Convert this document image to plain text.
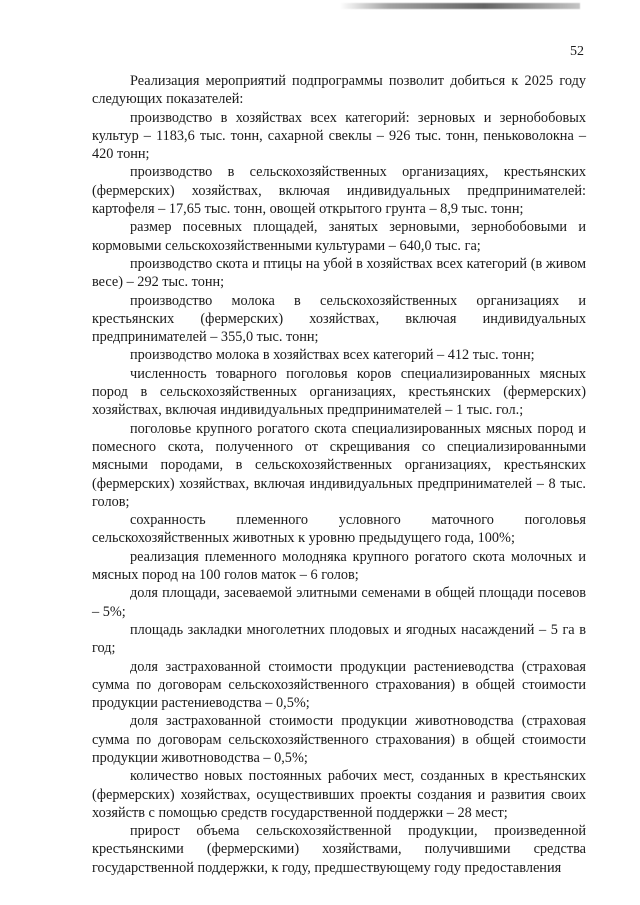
52

Реализация мероприятий подпрограммы позволит добиться к 2025 году следующих показателей:

производство в хозяйствах всех категорий: зерновых и зернобобовых культур – 1183,6 тыс. тонн, сахарной свеклы – 926 тыс. тонн, пеньковолокна – 420 тонн;

производство в сельскохозяйственных организациях, крестьянских (фермерских) хозяйствах, включая индивидуальных предпринимателей: картофеля – 17,65 тыс. тонн, овощей открытого грунта – 8,9 тыс. тонн;

размер посевных площадей, занятых зерновыми, зернобобовыми и кормовыми сельскохозяйственными культурами – 640,0 тыс. га;

производство скота и птицы на убой в хозяйствах всех категорий (в живом весе) – 292 тыс. тонн;

производство молока в сельскохозяйственных организациях и крестьянских (фермерских) хозяйствах, включая индивидуальных предпринимателей – 355,0 тыс. тонн;

производство молока в хозяйствах всех категорий – 412 тыс. тонн;

численность товарного поголовья коров специализированных мясных пород в сельскохозяйственных организациях, крестьянских (фермерских) хозяйствах, включая индивидуальных предпринимателей – 1 тыс. гол.;

поголовье крупного рогатого скота специализированных мясных пород и помесного скота, полученного от скрещивания со специализированными мясными породами, в сельскохозяйственных организациях, крестьянских (фермерских) хозяйствах, включая индивидуальных предпринимателей – 8 тыс. голов;

сохранность племенного условного маточного поголовья сельскохозяйственных животных к уровню предыдущего года, 100%;

реализация племенного молодняка крупного рогатого скота молочных и мясных пород на 100 голов маток – 6 голов;

доля площади, засеваемой элитными семенами в общей площади посевов – 5%;

площадь закладки многолетних плодовых и ягодных насаждений – 5 га в год;

доля застрахованной стоимости продукции растениеводства (страховая сумма по договорам сельскохозяйственного страхования) в общей стоимости продукции растениеводства – 0,5%;

доля застрахованной стоимости продукции животноводства (страховая сумма по договорам сельскохозяйственного страхования) в общей стоимости продукции животноводства – 0,5%;

количество новых постоянных рабочих мест, созданных в крестьянских (фермерских) хозяйствах, осуществивших проекты создания и развития своих хозяйств с помощью средств государственной поддержки – 28 мест;

прирост объема сельскохозяйственной продукции, произведенной крестьянскими (фермерскими) хозяйствами, получившими средства государственной поддержки, к году, предшествующему году предоставления
